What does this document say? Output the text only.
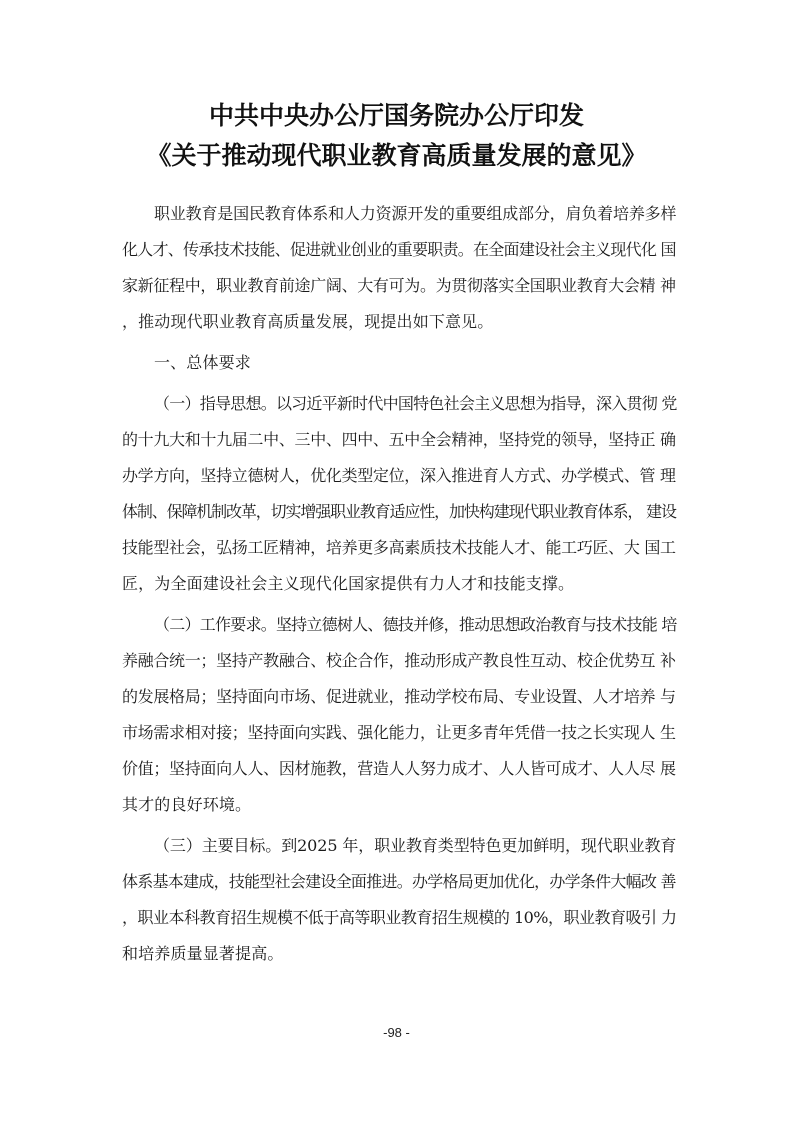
中共中央办公厅国务院办公厅印发
《关于推动现代职业教育高质量发展的意见》
职业教育是国民教育体系和人力资源开发的重要组成部分，肩负着培养多样
化人才、传承技术技能、促进就业创业的重要职责。在全面建设社会主义现代化 国
家新征程中，职业教育前途广阔、大有可为。为贯彻落实全国职业教育大会精 神
，推动现代职业教育高质量发展，现提出如下意见。
一、总体要求
（一）指导思想。以习近平新时代中国特色社会主义思想为指导，深入贯彻 党
的十九大和十九届二中、三中、四中、五中全会精神，坚持党的领导，坚持正 确
办学方向，坚持立德树人，优化类型定位，深入推进育人方式、办学模式、管 理
体制、保障机制改革，切实增强职业教育适应性，加快构建现代职业教育体系， 建设
技能型社会，弘扬工匠精神，培养更多高素质技术技能人才、能工巧匠、大 国工
匠，为全面建设社会主义现代化国家提供有力人才和技能支撑。
（二）工作要求。坚持立德树人、德技并修，推动思想政治教育与技术技能 培
养融合统一；坚持产教融合、校企合作，推动形成产教良性互动、校企优势互 补
的发展格局；坚持面向市场、促进就业，推动学校布局、专业设置、人才培养 与
市场需求相对接；坚持面向实践、强化能力，让更多青年凭借一技之长实现人 生
价值；坚持面向人人、因材施教，营造人人努力成才、人人皆可成才、人人尽 展
其才的良好环境。
（三）主要目标。到2025 年，职业教育类型特色更加鲜明，现代职业教育
体系基本建成，技能型社会建设全面推进。办学格局更加优化，办学条件大幅改 善
，职业本科教育招生规模不低于高等职业教育招生规模的 10%，职业教育吸引 力
和培养质量显著提高。
-98 -
